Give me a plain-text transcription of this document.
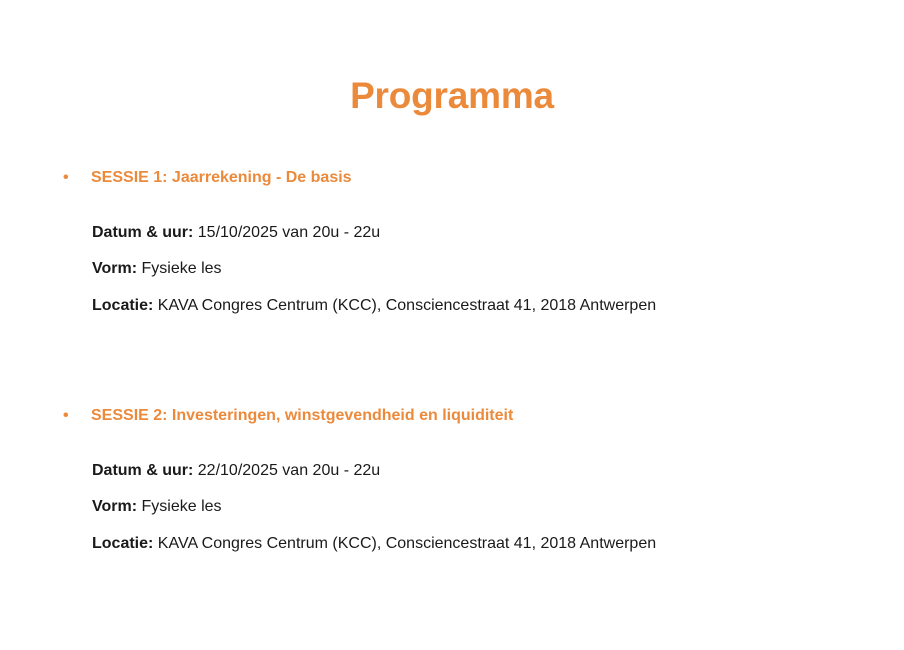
Programma
• SESSIE 1: Jaarrekening - De basis
Datum & uur: 15/10/2025 van 20u - 22u
Vorm: Fysieke les
Locatie: KAVA Congres Centrum (KCC), Consciencestraat 41, 2018 Antwerpen
• SESSIE 2: Investeringen, winstgevendheid en liquiditeit
Datum & uur: 22/10/2025 van 20u - 22u
Vorm: Fysieke les
Locatie: KAVA Congres Centrum (KCC), Consciencestraat 41, 2018 Antwerpen
